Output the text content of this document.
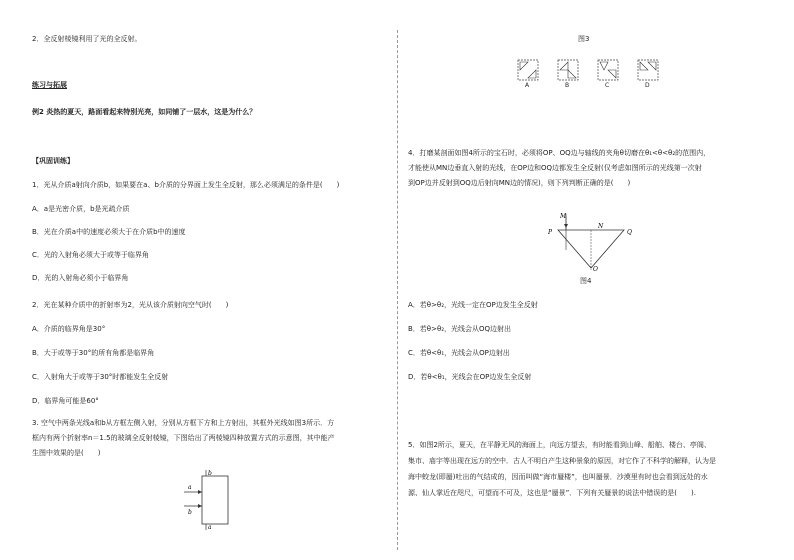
2．全反射棱镜利用了光的全反射。
练习与拓展
例2 炎热的夏天，路面看起来特别光亮，如同铺了一层水，这是为什么？
【巩固训练】
1．光从介质a射向介质b，如果要在a、b介质的分界面上发生全反射，那么必须满足的条件是(　　)
A．a是光密介质，b是光疏介质
B．光在介质a中的速度必须大于在介质b中的速度
C．光的入射角必须大于或等于临界角
D．光的入射角必须小于临界角
2．光在某种介质中的折射率为2，光从该介质射向空气时(　　)
A．介质的临界角是30°
B．大于或等于30°的所有角都是临界角
C．入射角大于或等于30°时都能发生全反射
D．临界角可能是60°
3. 空气中两条光线a和b从方框左侧入射，分别从方框下方和上方射出，其框外光线如图3所示．方
框内有两个折射率n＝1.5的玻璃全反射棱镜，下图给出了两棱镜四种放置方式的示意图，其中能产
生图中效果的是(　　)
a
b
a
b
图3
A	B	C	D
4．打磨某剖面如图4所示的宝石时，必须将OP、OQ边与轴线的夹角θ切磨在θ₁<θ<θ₂的范围内，
才能使从MN边垂直入射的光线，在OP边和OQ边都发生全反射(仅考虑如图所示的光线第一次射
到OP边并反射到OQ边后射向MN边的情况)，则下列判断正确的是(　　)
M
N
P	Q
O
图4
A．若θ>θ₂，光线一定在OP边发生全反射
B．若θ>θ₂，光线会从OQ边射出
C．若θ<θ₁，光线会从OP边射出
D．若θ<θ₁，光线会在OP边发生全反射
5．如图2所示，夏天，在平静无风的海面上，向远方望去，有时能看到山峰、船舶、楼台、亭阁、
集市、庙宇等出现在远方的空中．古人不明白产生这种景象的原因，对它作了不科学的解释，认为是
海中蛟龙(即蜃)吐出的气结成的，因而叫做“海市蜃楼”，也叫蜃景．沙漠里有时也会看到远处的水
源、仙人掌近在咫尺，可望而不可及，这也是“蜃景”．下列有关蜃景的说法中错误的是(　　).
